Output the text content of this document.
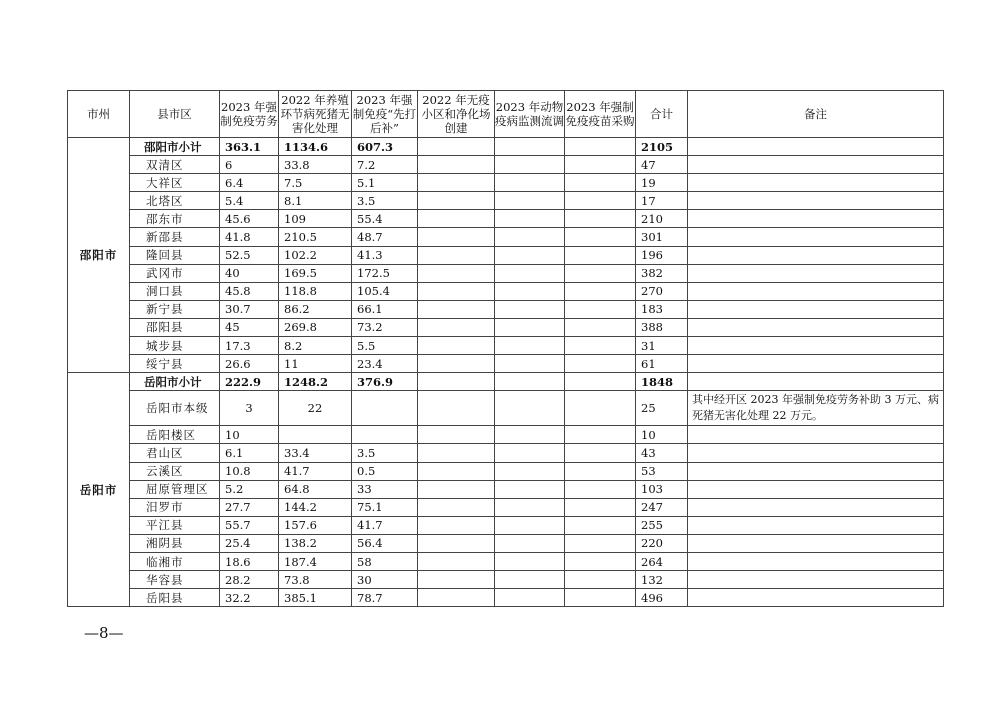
市州	县市区	2023 年强制免疫劳务	2022 年养殖环节病死猪无害化处理	2023 年强制免疫“先打后补”	2022 年无疫小区和净化场创建	2023 年动物疫病监测流调	2023 年强制免疫疫苗采购	合计	备注
邵阳市	邵阳市小计	363.1	1134.6	607.3				2105	
	双清区	6	33.8	7.2				47	
	大祥区	6.4	7.5	5.1				19	
	北塔区	5.4	8.1	3.5				17	
	邵东市	45.6	109	55.4				210	
	新邵县	41.8	210.5	48.7				301	
	隆回县	52.5	102.2	41.3				196	
	武冈市	40	169.5	172.5				382	
	洞口县	45.8	118.8	105.4				270	
	新宁县	30.7	86.2	66.1				183	
	邵阳县	45	269.8	73.2				388	
	城步县	17.3	8.2	5.5				31	
	绥宁县	26.6	11	23.4				61	
岳阳市	岳阳市小计	222.9	1248.2	376.9				1848	
	岳阳市本级	3	22					25	其中经开区 2023 年强制免疫劳务补助 3 万元、病死猪无害化处理 22 万元。
	岳阳楼区	10						10	
	君山区	6.1	33.4	3.5				43	
	云溪区	10.8	41.7	0.5				53	
	屈原管理区	5.2	64.8	33				103	
	汨罗市	27.7	144.2	75.1				247	
	平江县	55.7	157.6	41.7				255	
	湘阴县	25.4	138.2	56.4				220	
	临湘市	18.6	187.4	58				264	
	华容县	28.2	73.8	30				132	
	岳阳县	32.2	385.1	78.7				496	
—8—
